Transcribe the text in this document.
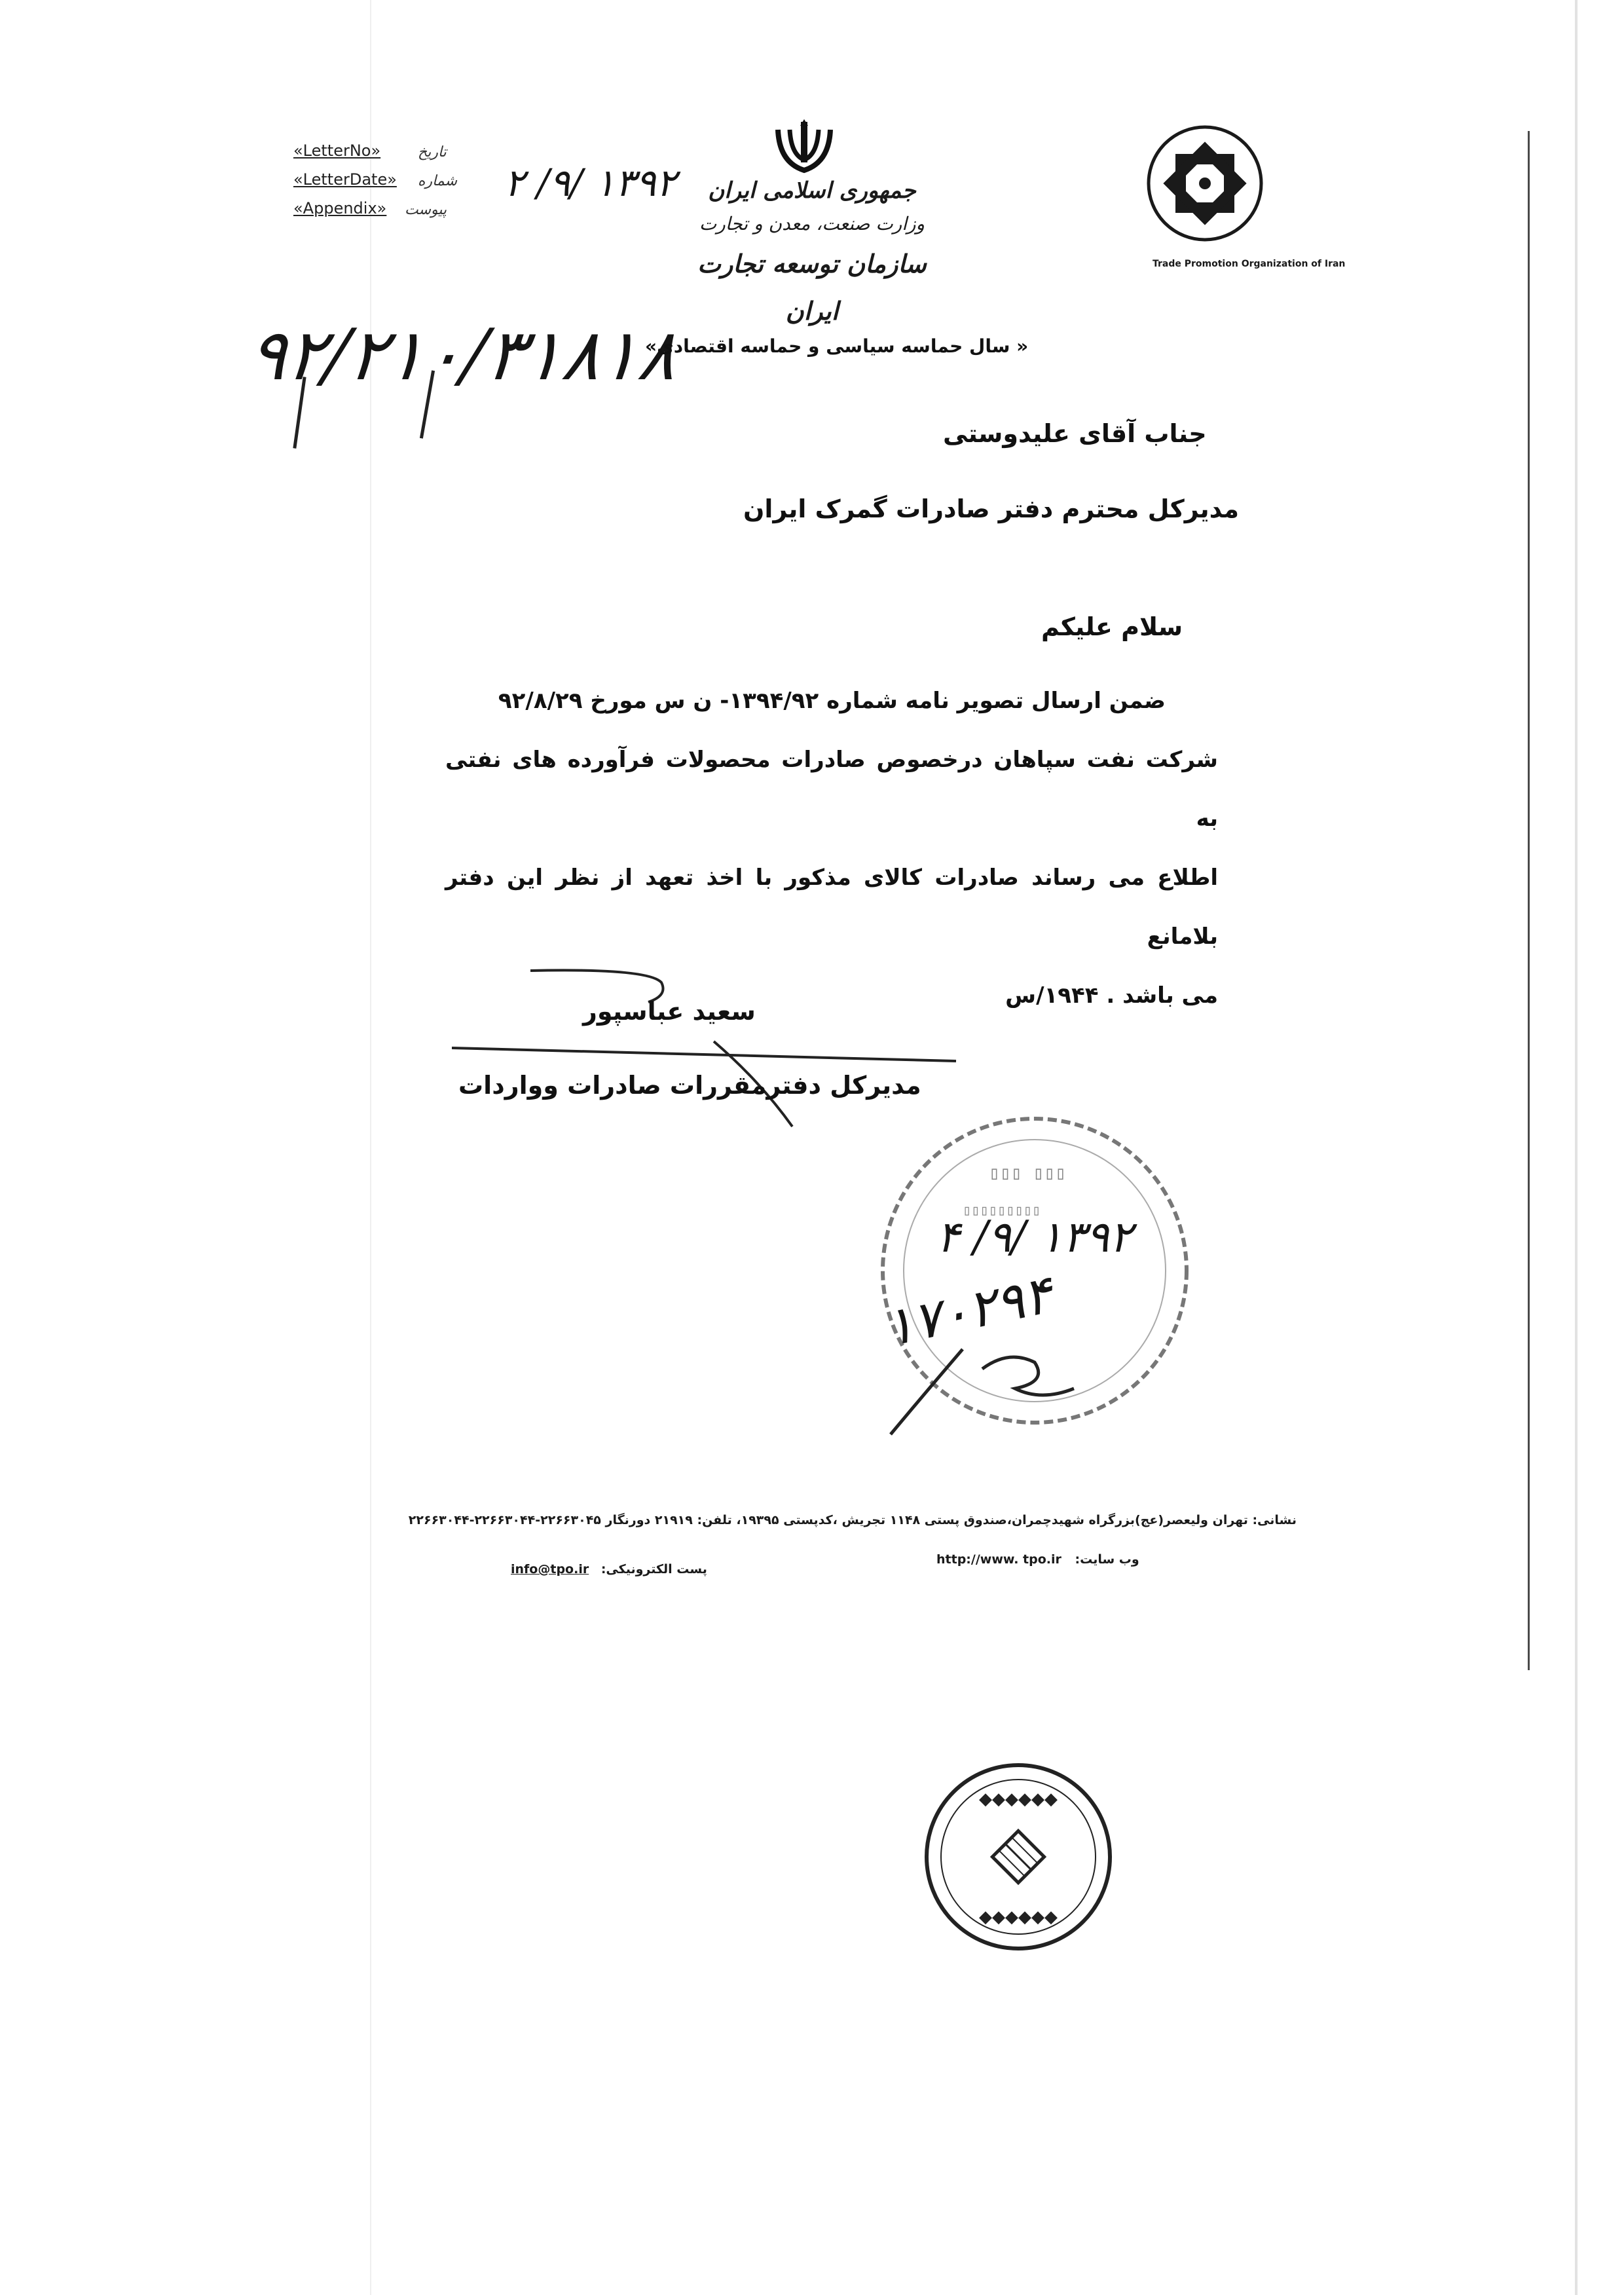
«LetterNo»	تاریخ
«LetterDate» شماره
«Appendix» پیوست
۱۳۹۲ /۹/ ۲	جمهوری اسلامی ایران
وزارت صنعت، معدن و تجارت
سازمان توسعه تجارت ایران
Trade Promotion Organization of Iran
۹۲/۲۱۰/۳۱۸۱۸
« سال حماسه سیاسی و حماسه اقتصادی»
جناب آقای علیدوستی
مدیرکل محترم دفتر صادرات گمرک ایران
سلام علیکم
ضمن ارسال تصویر نامه شماره ۱۳۹۴/۹۲- ن س مورخ ۹۲/۸/۲۹
شرکت نفت سپاهان درخصوص صادرات محصولات فرآورده های نفتی به
اطلاع می رساند صادرات کالای مذکور با اخذ تعهد از نظر این دفتر بلامانع
می باشد . ۱۹۴۴/س
سعید عباسپور
مدیرکل دفترمقررات صادرات وواردات
▯▯▯ ▯▯▯
▯▯▯▯▯▯▯▯▯
۱۳۹۲ /۹/ ۴
۱۷۰۲۹۴
نشانی: تهران ولیعصر(عج)بزرگراه شهیدچمران،صندوق پستی ۱۱۴۸ تجریش ،کدپستی ۱۹۳۹۵، تلفن: ۲۱۹۱۹ دورنگار ۲۲۶۶۳۰۴۵-۲۲۶۶۳۰۴۴-۲۲۶۶۳۰۴۴
http://www. tpo.ir وب سایت:
info@tpo.ir پست الکترونیکی:
◆◆◆◆◆◆
◆◆◆◆◆◆
